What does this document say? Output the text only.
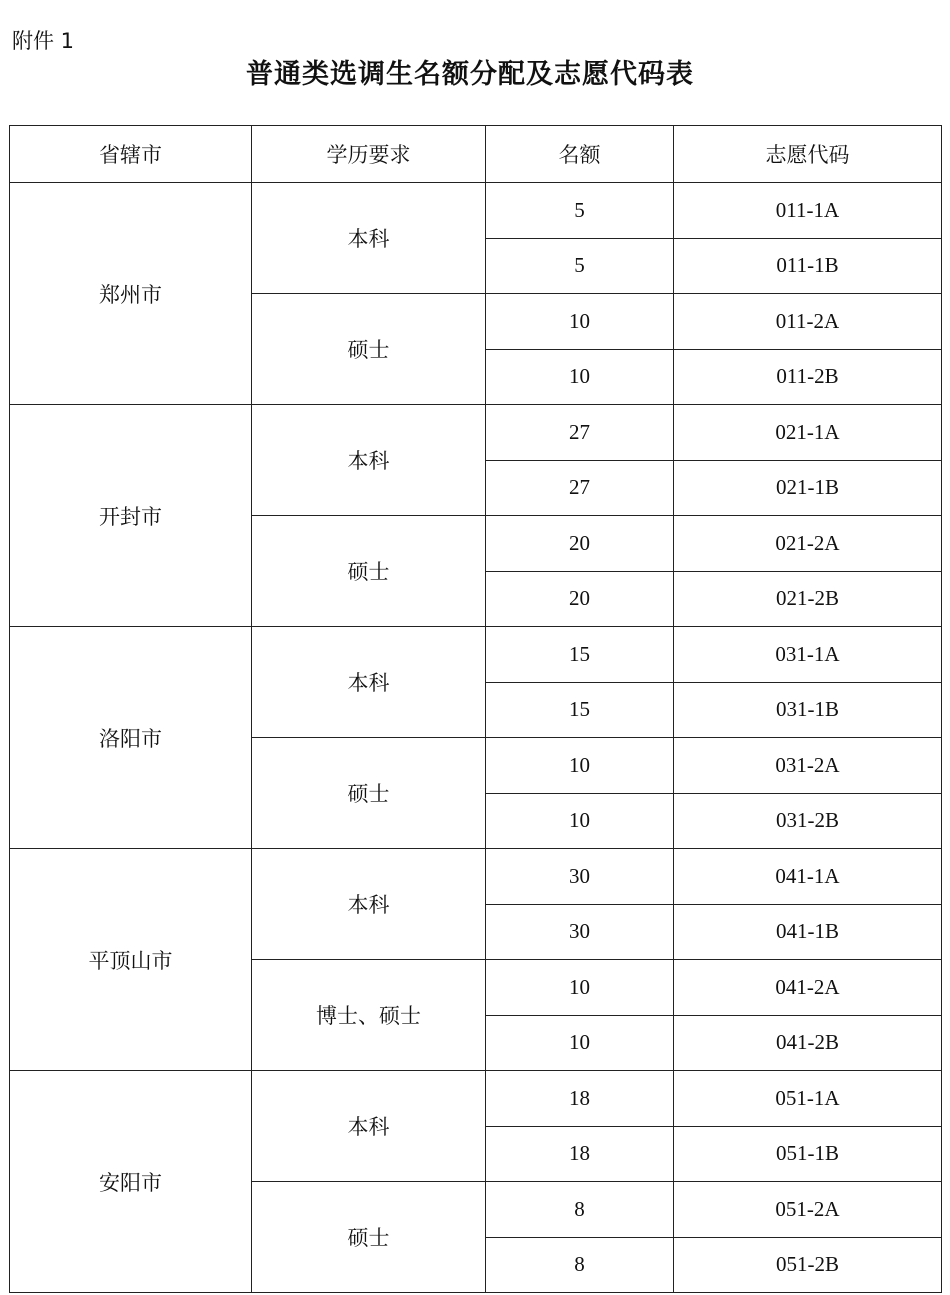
附件 1
普通类选调生名额分配及志愿代码表
省辖市	学历要求	名额	志愿代码
郑州市	本科	5	011-1A
		5	011-1B
	硕士	10	011-2A
		10	011-2B
开封市	本科	27	021-1A
		27	021-1B
	硕士	20	021-2A
		20	021-2B
洛阳市	本科	15	031-1A
		15	031-1B
	硕士	10	031-2A
		10	031-2B
平顶山市	本科	30	041-1A
		30	041-1B
	博士、硕士	10	041-2A
		10	041-2B
安阳市	本科	18	051-1A
		18	051-1B
	硕士	8	051-2A
		8	051-2B
